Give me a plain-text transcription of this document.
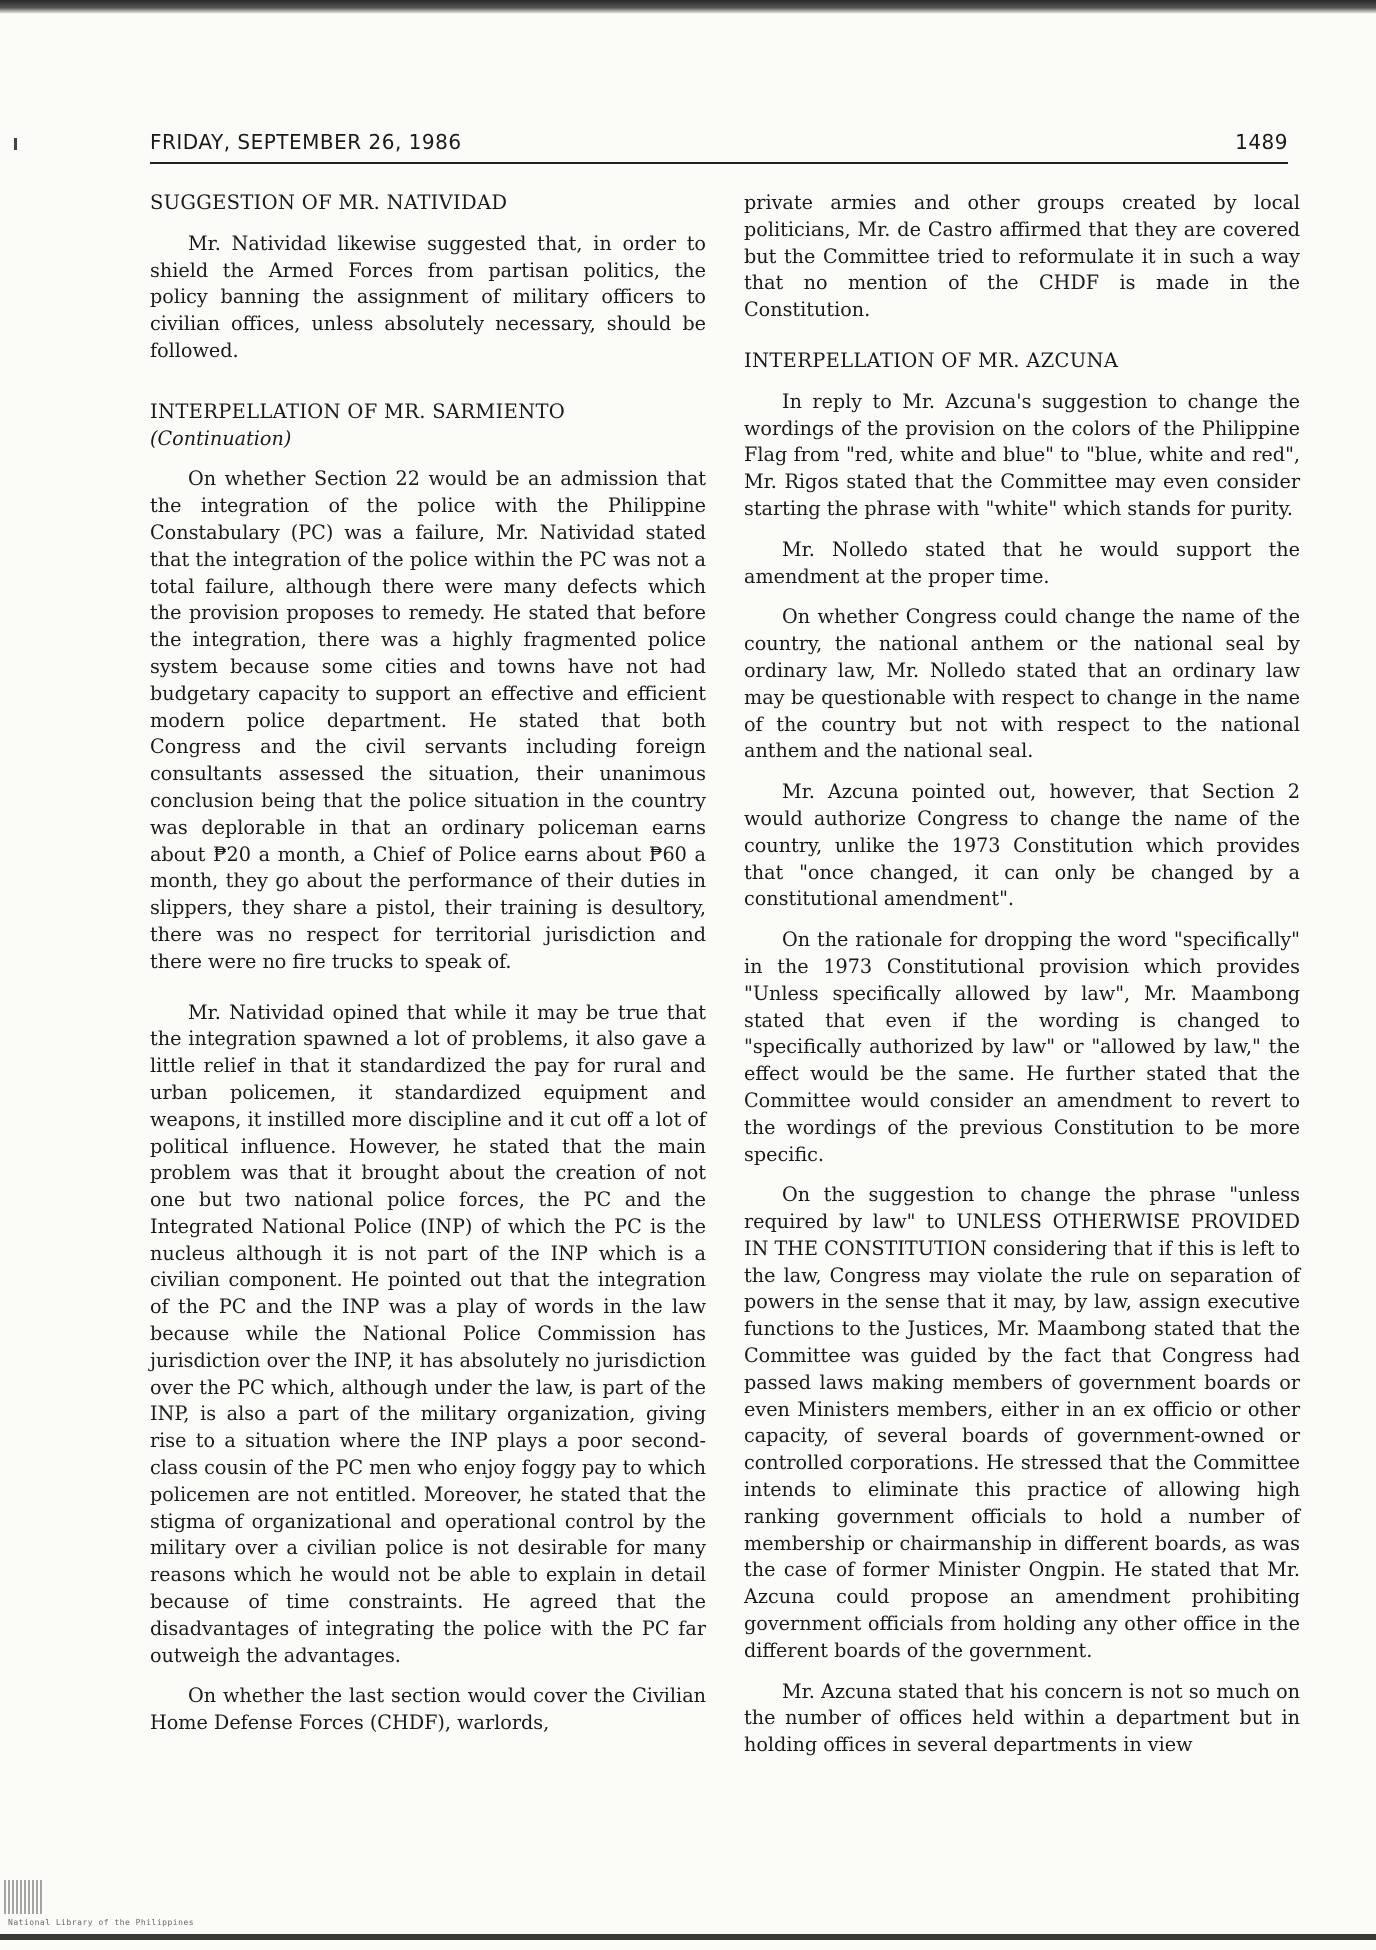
FRIDAY, SEPTEMBER 26, 1986	1489
SUGGESTION OF MR. NATIVIDAD

Mr. Natividad likewise suggested that, in order to shield the Armed Forces from partisan politics, the policy banning the assignment of military officers to civilian offices, unless absolutely necessary, should be followed.

INTERPELLATION OF MR. SARMIENTO
(Continuation)

On whether Section 22 would be an admission that the integration of the police with the Philippine Constabulary (PC) was a failure, Mr. Natividad stated that the integration of the police within the PC was not a total failure, although there were many defects which the provision proposes to remedy. He stated that before the integration, there was a highly fragmented police system because some cities and towns have not had budgetary capacity to support an effective and efficient modern police department. He stated that both Congress and the civil servants including foreign consultants assessed the situation, their unanimous conclusion being that the police situation in the country was deplorable in that an ordinary policeman earns about ₱20 a month, a Chief of Police earns about ₱60 a month, they go about the performance of their duties in slippers, they share a pistol, their training is desultory, there was no respect for territorial jurisdiction and there were no fire trucks to speak of.

Mr. Natividad opined that while it may be true that the integration spawned a lot of problems, it also gave a little relief in that it standardized the pay for rural and urban policemen, it standardized equipment and weapons, it instilled more discipline and it cut off a lot of political influence. However, he stated that the main problem was that it brought about the creation of not one but two national police forces, the PC and the Integrated National Police (INP) of which the PC is the nucleus although it is not part of the INP which is a civilian component. He pointed out that the integration of the PC and the INP was a play of words in the law because while the National Police Commission has jurisdiction over the INP, it has absolutely no jurisdiction over the PC which, although under the law, is part of the INP, is also a part of the military organization, giving rise to a situation where the INP plays a poor second-class cousin of the PC men who enjoy foggy pay to which policemen are not entitled. Moreover, he stated that the stigma of organizational and operational control by the military over a civilian police is not desirable for many reasons which he would not be able to explain in detail because of time constraints. He agreed that the disadvantages of integrating the police with the PC far outweigh the advantages.

On whether the last section would cover the Civilian Home Defense Forces (CHDF), warlords,

private armies and other groups created by local politicians, Mr. de Castro affirmed that they are covered but the Committee tried to reformulate it in such a way that no mention of the CHDF is made in the Constitution.

INTERPELLATION OF MR. AZCUNA

In reply to Mr. Azcuna's suggestion to change the wordings of the provision on the colors of the Philippine Flag from "red, white and blue" to "blue, white and red", Mr. Rigos stated that the Committee may even consider starting the phrase with "white" which stands for purity.

Mr. Nolledo stated that he would support the amendment at the proper time.

On whether Congress could change the name of the country, the national anthem or the national seal by ordinary law, Mr. Nolledo stated that an ordinary law may be questionable with respect to change in the name of the country but not with respect to the national anthem and the national seal.

Mr. Azcuna pointed out, however, that Section 2 would authorize Congress to change the name of the country, unlike the 1973 Constitution which provides that "once changed, it can only be changed by a constitutional amendment".

On the rationale for dropping the word "specifically" in the 1973 Constitutional provision which provides "Unless specifically allowed by law", Mr. Maambong stated that even if the wording is changed to "specifically authorized by law" or "allowed by law," the effect would be the same. He further stated that the Committee would consider an amendment to revert to the wordings of the previous Constitution to be more specific.

On the suggestion to change the phrase "unless required by law" to UNLESS OTHERWISE PROVIDED IN THE CONSTITUTION considering that if this is left to the law, Congress may violate the rule on separation of powers in the sense that it may, by law, assign executive functions to the Justices, Mr. Maambong stated that the Committee was guided by the fact that Congress had passed laws making members of government boards or even Ministers members, either in an ex officio or other capacity, of several boards of government-owned or controlled corporations. He stressed that the Committee intends to eliminate this practice of allowing high ranking government officials to hold a number of membership or chairmanship in different boards, as was the case of former Minister Ongpin. He stated that Mr. Azcuna could propose an amendment prohibiting government officials from holding any other office in the different boards of the government.

Mr. Azcuna stated that his concern is not so much on the number of offices held within a department but in holding offices in several departments in view

National Library of the Philippines
